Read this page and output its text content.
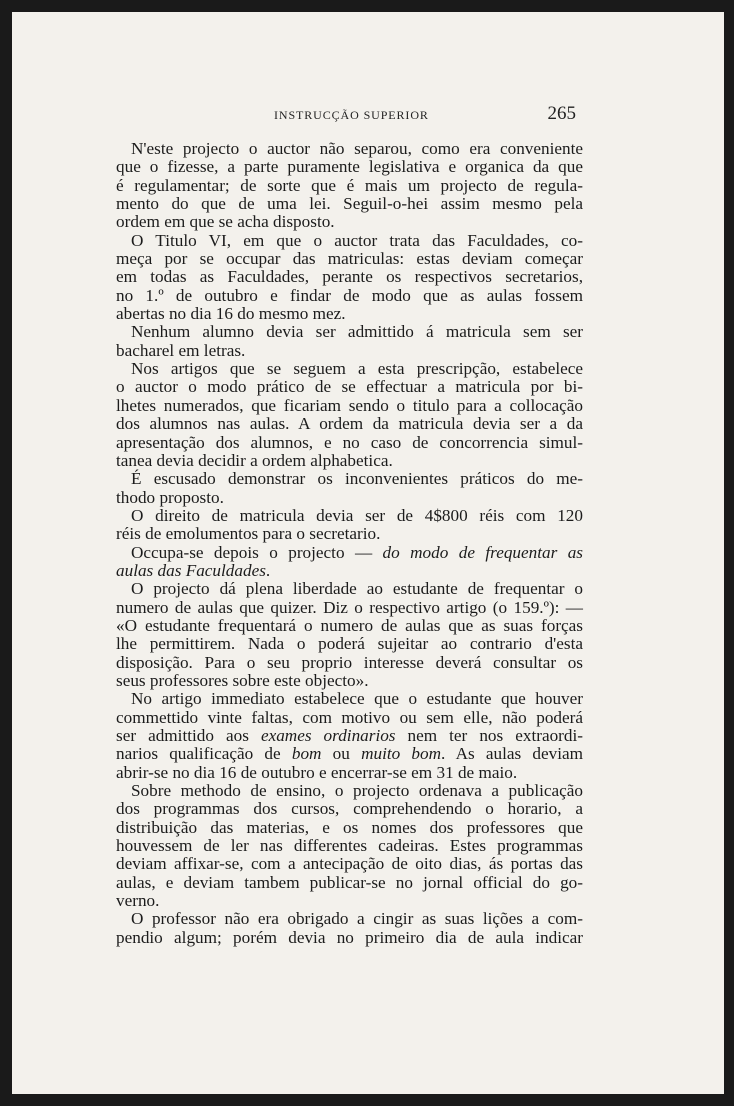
INSTRUCÇÃO SUPERIOR	265
N'este projecto o auctor não separou, como era conveniente
que o fizesse, a parte puramente legislativa e organica da que
é regulamentar; de sorte que é mais um projecto de regula-
mento do que de uma lei. Seguil-o-hei assim mesmo pela
ordem em que se acha disposto.
O Titulo VI, em que o auctor trata das Faculdades, co-
meça por se occupar das matriculas: estas deviam começar
em todas as Faculdades, perante os respectivos secretarios,
no 1.º de outubro e findar de modo que as aulas fossem
abertas no dia 16 do mesmo mez.
Nenhum alumno devia ser admittido á matricula sem ser
bacharel em letras.
Nos artigos que se seguem a esta prescripção, estabelece
o auctor o modo prático de se effectuar a matricula por bi-
lhetes numerados, que ficariam sendo o titulo para a collocação
dos alumnos nas aulas. A ordem da matricula devia ser a da
apresentação dos alumnos, e no caso de concorrencia simul-
tanea devia decidir a ordem alphabetica.
É escusado demonstrar os inconvenientes práticos do me-
thodo proposto.
O direito de matricula devia ser de 4$800 réis com 120
réis de emolumentos para o secretario.
Occupa-se depois o projecto — do modo de frequentar as
aulas das Faculdades.
O projecto dá plena liberdade ao estudante de frequentar o
numero de aulas que quizer. Diz o respectivo artigo (o 159.º): —
«O estudante frequentará o numero de aulas que as suas forças
lhe permittirem. Nada o poderá sujeitar ao contrario d'esta
disposição. Para o seu proprio interesse deverá consultar os
seus professores sobre este objecto».
No artigo immediato estabelece que o estudante que houver
commettido vinte faltas, com motivo ou sem elle, não poderá
ser admittido aos exames ordinarios nem ter nos extraordi-
narios qualificação de bom ou muito bom. As aulas deviam
abrir-se no dia 16 de outubro e encerrar-se em 31 de maio.
Sobre methodo de ensino, o projecto ordenava a publicação
dos programmas dos cursos, comprehendendo o horario, a
distribuição das materias, e os nomes dos professores que
houvessem de ler nas differentes cadeiras. Estes programmas
deviam affixar-se, com a antecipação de oito dias, ás portas das
aulas, e deviam tambem publicar-se no jornal official do go-
verno.
O professor não era obrigado a cingir as suas lições a com-
pendio algum; porém devia no primeiro dia de aula indicar
